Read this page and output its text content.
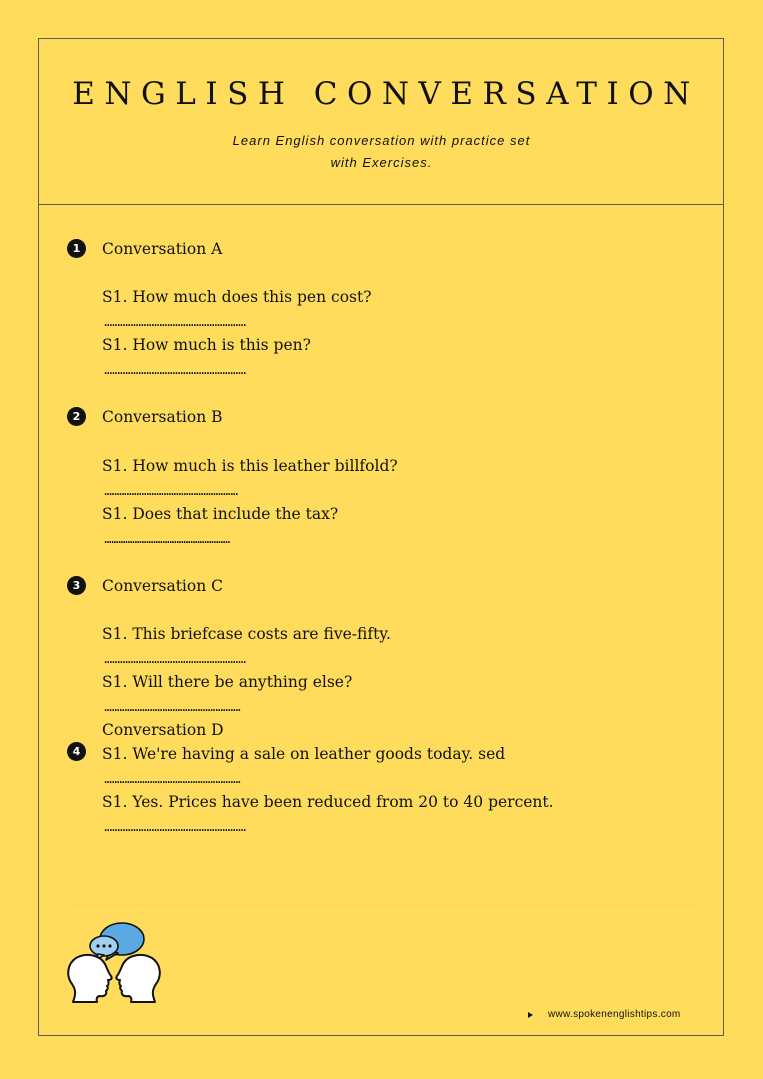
ENGLISH CONVERSATION
Learn English conversation with practice set
with Exercises.
1	Conversation A
S1. How much does this pen cost?
......................................................
S1. How much is this pen?
......................................................
2	Conversation B
S1. How much is this leather billfold?
......................................................
S1. Does that include the tax?
......................................................
3	Conversation C
S1. This briefcase costs are five-fifty.
......................................................
S1. Will there be anything else?
......................................................
Conversation D
4	S1. We're having a sale on leather goods today. sed
......................................................
S1. Yes. Prices have been reduced from 20 to 40 percent.
......................................................
www.spokenenglishtips.com
